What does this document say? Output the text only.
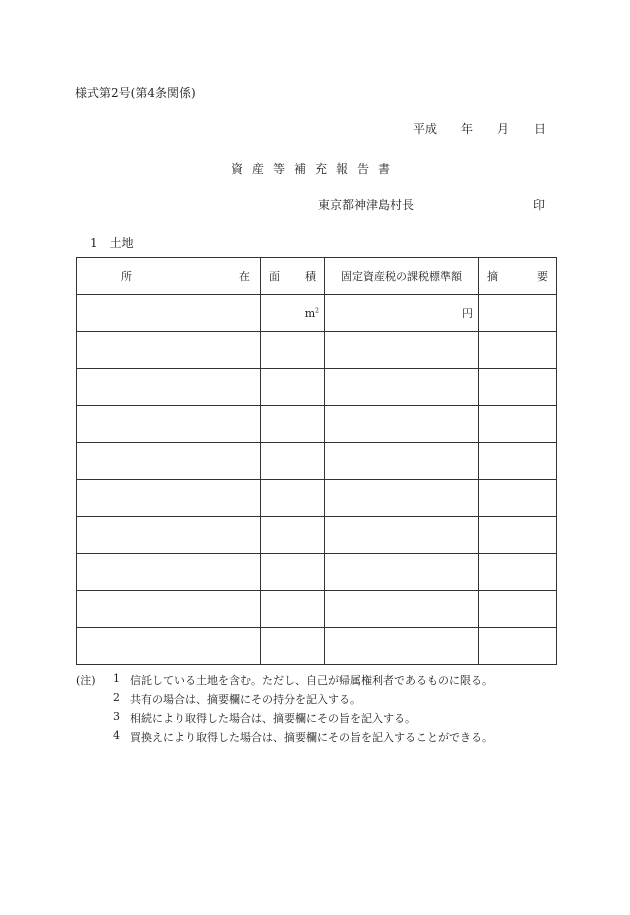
様式第2号(第4条関係)
平成 年 月 日
資産等補充報告書
東京都神津島村長	印
1　土地
所 在	面 積	固定資産税の課税標準額	摘 要

	$m^2$	円	

(注) 1 信託している土地を含む。ただし、自己が帰属権利者であるものに限る。
2 共有の場合は、摘要欄にその持分を記入する。
3 相続により取得した場合は、摘要欄にその旨を記入する。
4 買換えにより取得した場合は、摘要欄にその旨を記入することができる。
